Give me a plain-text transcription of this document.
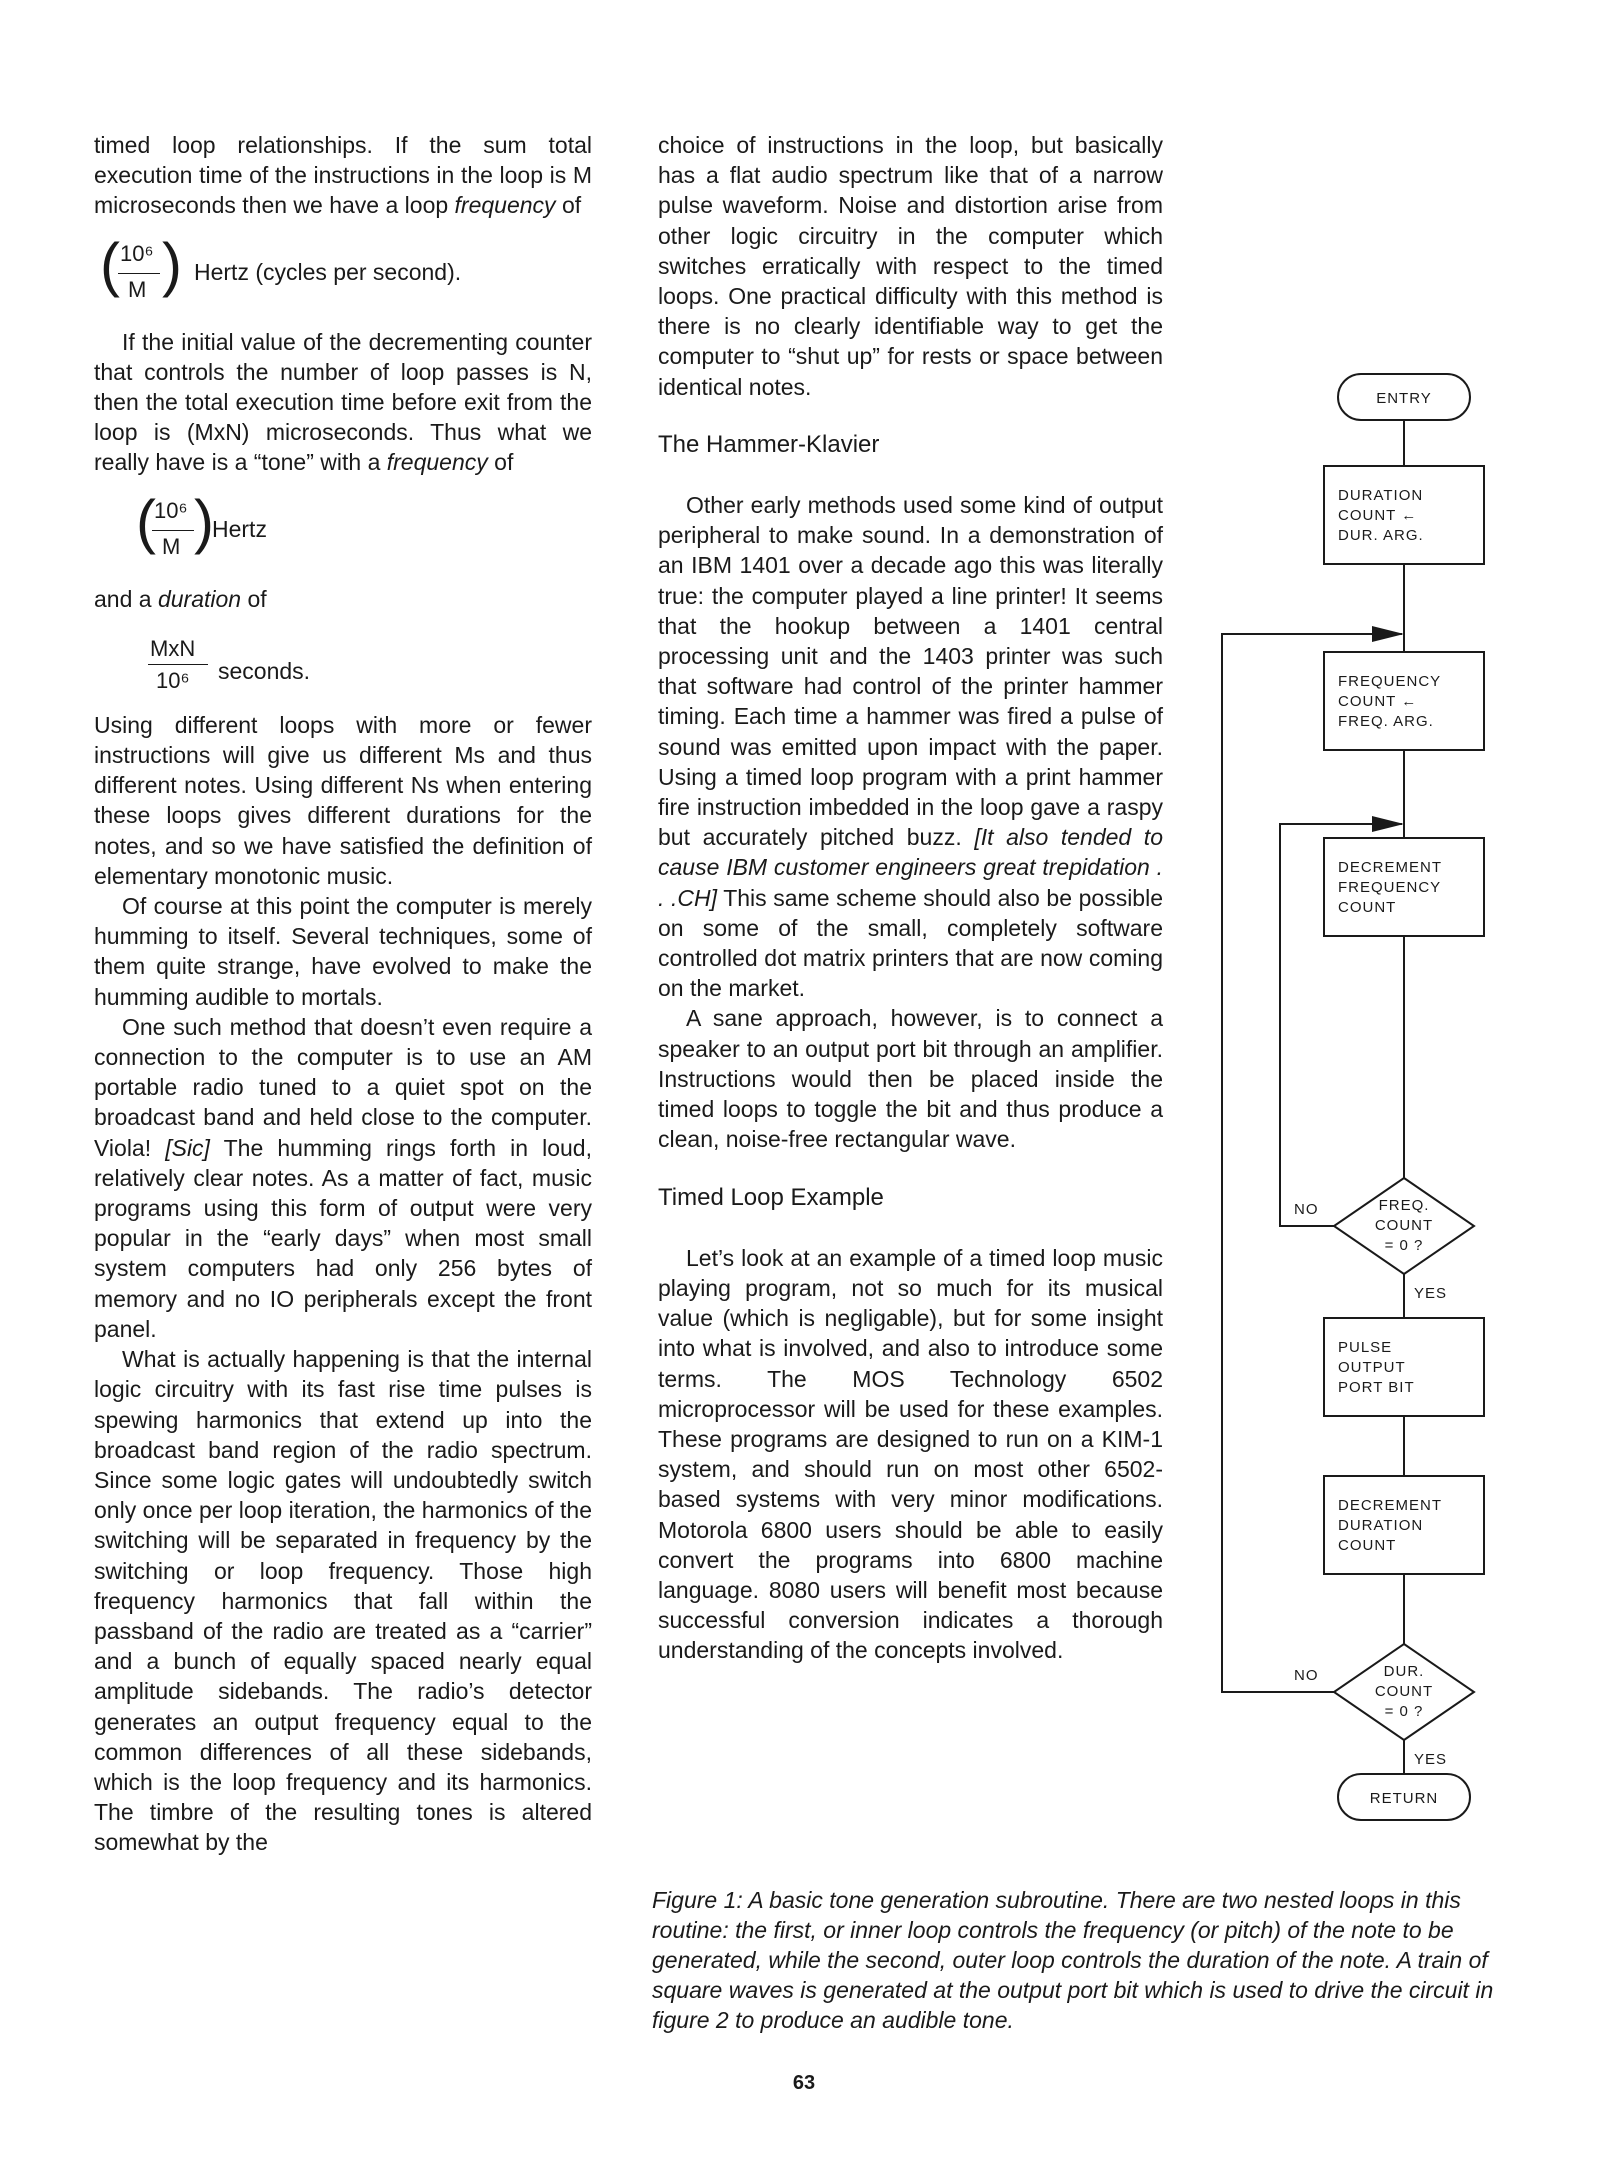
timed loop relationships. If the sum total execution time of the instructions in the loop is M microseconds then we have a loop frequency of

( 10⁶
M ) Hertz (cycles per second).

If the initial value of the decrementing counter that controls the number of loop passes is N, then the total execution time before exit from the loop is (MxN) microseconds. Thus what we really have is a “tone” with a frequency of

(
10⁶
M )
Hertz

and a duration of

MxN
10⁶ seconds.

Using different loops with more or fewer instructions will give us different Ms and thus different notes. Using different Ns when entering these loops gives different durations for the notes, and so we have satisfied the definition of elementary monotonic music.

Of course at this point the computer is merely humming to itself. Several techniques, some of them quite strange, have evolved to make the humming audible to mortals.

One such method that doesn’t even require a connection to the computer is to use an AM portable radio tuned to a quiet spot on the broadcast band and held close to the computer. Viola! [Sic] The humming rings forth in loud, relatively clear notes. As a matter of fact, music programs using this form of output were very popular in the “early days” when most small system computers had only 256 bytes of memory and no IO peripherals except the front panel.

What is actually happening is that the internal logic circuitry with its fast rise time pulses is spewing harmonics that extend up into the broadcast band region of the radio spectrum. Since some logic gates will undoubtedly switch only once per loop iteration, the harmonics of the switching will be separated in frequency by the switching or loop frequency. Those high frequency harmonics that fall within the passband of the radio are treated as a “carrier” and a bunch of equally spaced nearly equal amplitude sidebands. The radio’s detector generates an output frequency equal to the common differences of all these sidebands, which is the loop frequency and its harmonics. The timbre of the resulting tones is altered somewhat by the

choice of instructions in the loop, but basically has a flat audio spectrum like that of a narrow pulse waveform. Noise and distortion arise from other logic circuitry in the computer which switches erratically with respect to the timed loops. One practical difficulty with this method is there is no clearly identifiable way to get the computer to “shut up” for rests or space between identical notes.

The Hammer-Klavier

Other early methods used some kind of output peripheral to make sound. In a demonstration of an IBM 1401 over a decade ago this was literally true: the computer played a line printer! It seems that the hookup between a 1401 central processing unit and the 1403 printer was such that software had control of the printer hammer timing. Each time a hammer was fired a pulse of sound was emitted upon impact with the paper. Using a timed loop program with a print hammer fire instruction imbedded in the loop gave a raspy but accurately pitched buzz. [It also tended to cause IBM customer engineers great trepidation . . .CH] This same scheme should also be possible on some of the small, completely software controlled dot matrix printers that are now coming on the market.

A sane approach, however, is to connect a speaker to an output port bit through an amplifier. Instructions would then be placed inside the timed loops to toggle the bit and thus produce a clean, noise-free rectangular wave.

Timed Loop Example

Let’s look at an example of a timed loop music playing program, not so much for its musical value (which is negligable), but for some insight into what is involved, and also to introduce some terms. The MOS Technology 6502 microprocessor will be used for these examples. These programs are designed to run on a KIM-1 system, and should run on most other 6502-based systems with very minor modifications. Motorola 6800 users should be able to easily convert the programs into 6800 machine language. 8080 users will benefit most because successful conversion indicates a thorough understanding of the concepts involved.

ENTRY
DURATION
COUNT ←
DUR. ARG.
FREQUENCY
COUNT ←
FREQ. ARG.
DECREMENT
FREQUENCY
COUNT
NO	FREQ.
COUNT
= 0 ?
YES
PULSE
OUTPUT
PORT BIT
DECREMENT
DURATION
COUNT
NO	DUR.
COUNT
= 0 ?
YES
RETURN

Figure 1: A basic tone generation subroutine. There are two nested loops in this routine: the first, or inner loop controls the frequency (or pitch) of the note to be generated, while the second, outer loop controls the duration of the note. A train of square waves is generated at the output port bit which is used to drive the circuit in figure 2 to produce an audible tone.

63
